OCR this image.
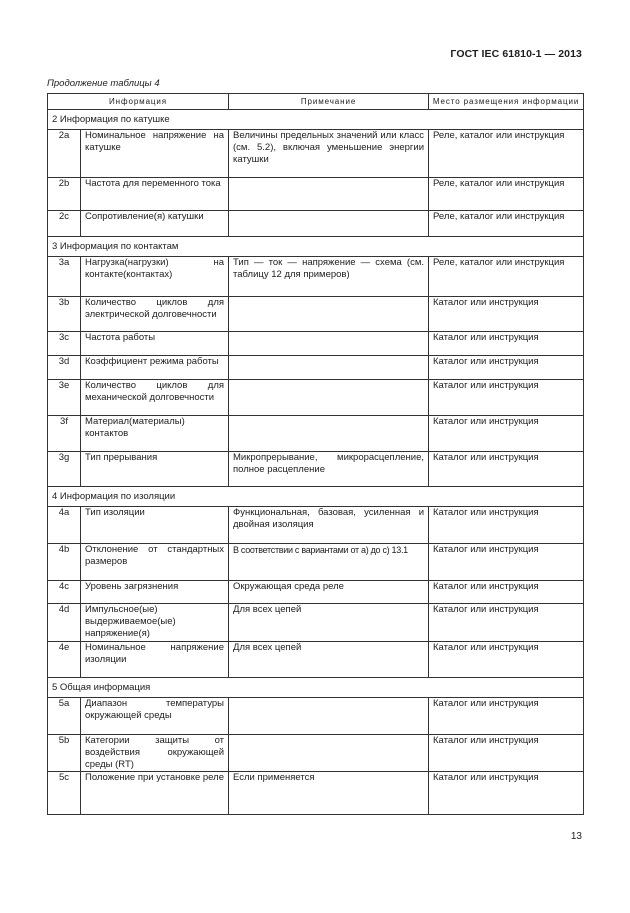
ГОСТ IEC 61810-1 — 2013
Продолжение таблицы 4
Информация		Примечание	Место размещения информации
2 Информация по катушке			
2a	Номинальное напряжение на катушке	Величины предельных значений или класс (см. 5.2), включая уменьшение энергии катушки	Реле, каталог или инструкция
2b	Частота для переменного тока		Реле, каталог или инструкция
2c	Сопротивление(я) катушки		Реле, каталог или инструкция
3 Информация по контактам			
3a	Нагрузка(нагрузки) на контакте(контактах)	Тип — ток — напряжение — схема (см. таблицу 12 для примеров)	Реле, каталог или инструкция
3b	Количество циклов для электрической долговечности		Каталог или инструкция
3c	Частота работы		Каталог или инструкция
3d	Коэффициент режима работы		Каталог или инструкция
3e	Количество циклов для механической долговечности		Каталог или инструкция
3f	Материал(материалы) контактов		Каталог или инструкция
3g	Тип прерывания	Микропрерывание, микрорасцепление, полное расцепление	Каталог или инструкция
4 Информация по изоляции			
4a	Тип изоляции	Функциональная, базовая, усиленная и двойная изоляция	Каталог или инструкция
4b	Отклонение от стандартных размеров	В соответствии с вариантами от a) до c) 13.1	Каталог или инструкция
4c	Уровень загрязнения	Окружающая среда реле	Каталог или инструкция
4d	Импульсное(ые) выдерживаемое(ые) напряжение(я)	Для всех цепей	Каталог или инструкция
4e	Номинальное напряжение изоляции	Для всех цепей	Каталог или инструкция
5 Общая информация			
5a	Диапазон температуры окружающей среды		Каталог или инструкция
5b	Категории защиты от воздействия окружающей среды (RT)		Каталог или инструкция
5c	Положение при установке реле	Если применяется	Каталог или инструкция
13
